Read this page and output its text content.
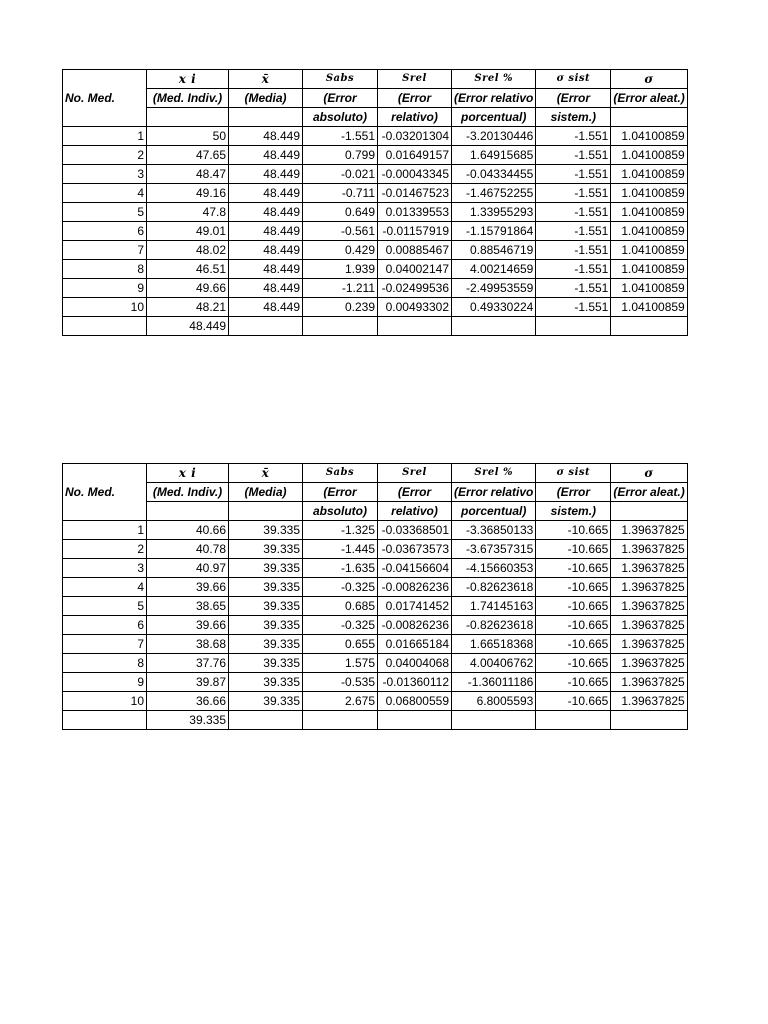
No. Med.	x i	x̄	Sabs	Srel	Srel %	σ sist	σ
	(Med. Indiv.)	(Media)	(Error	(Error	(Error relativo	(Error	(Error aleat.)
			absoluto)	relativo)	porcentual)	sistem.)	
1	50	48.449	-1.551	-0.03201304	-3.20130446	-1.551	1.04100859
2	47.65	48.449	0.799	0.01649157	1.64915685	-1.551	1.04100859
3	48.47	48.449	-0.021	-0.00043345	-0.04334455	-1.551	1.04100859
4	49.16	48.449	-0.711	-0.01467523	-1.46752255	-1.551	1.04100859
5	47.8	48.449	0.649	0.01339553	1.33955293	-1.551	1.04100859
6	49.01	48.449	-0.561	-0.01157919	-1.15791864	-1.551	1.04100859
7	48.02	48.449	0.429	0.00885467	0.88546719	-1.551	1.04100859
8	46.51	48.449	1.939	0.04002147	4.00214659	-1.551	1.04100859
9	49.66	48.449	-1.211	-0.02499536	-2.49953559	-1.551	1.04100859
10	48.21	48.449	0.239	0.00493302	0.49330224	-1.551	1.04100859
	48.449						
No. Med.	x i	x̄	Sabs	Srel	Srel %	σ sist	σ
	(Med. Indiv.)	(Media)	(Error	(Error	(Error relativo	(Error	(Error aleat.)
			absoluto)	relativo)	porcentual)	sistem.)	
1	40.66	39.335	-1.325	-0.03368501	-3.36850133	-10.665	1.39637825
2	40.78	39.335	-1.445	-0.03673573	-3.67357315	-10.665	1.39637825
3	40.97	39.335	-1.635	-0.04156604	-4.15660353	-10.665	1.39637825
4	39.66	39.335	-0.325	-0.00826236	-0.82623618	-10.665	1.39637825
5	38.65	39.335	0.685	0.01741452	1.74145163	-10.665	1.39637825
6	39.66	39.335	-0.325	-0.00826236	-0.82623618	-10.665	1.39637825
7	38.68	39.335	0.655	0.01665184	1.66518368	-10.665	1.39637825
8	37.76	39.335	1.575	0.04004068	4.00406762	-10.665	1.39637825
9	39.87	39.335	-0.535	-0.01360112	-1.36011186	-10.665	1.39637825
10	36.66	39.335	2.675	0.06800559	6.8005593	-10.665	1.39637825
	39.335						
